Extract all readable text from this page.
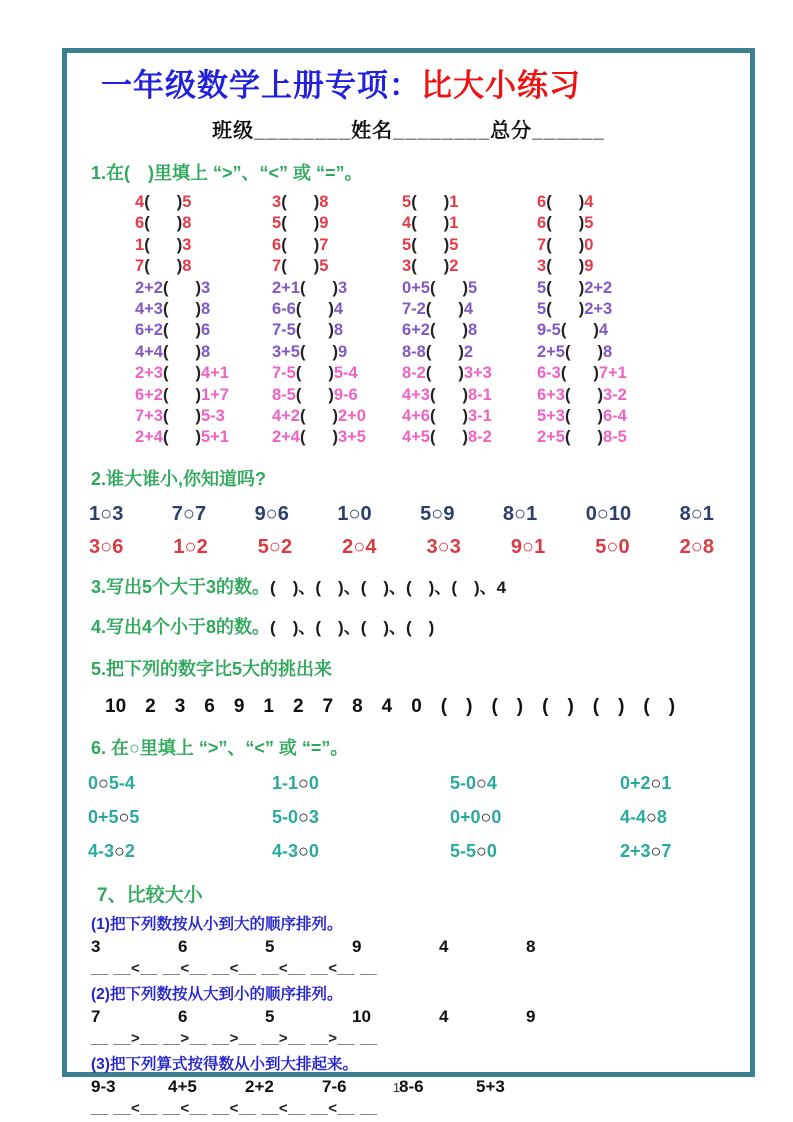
一年级数学上册专项：比大小练习
班级________姓名________总分______
1.在(　)里填上 “>”、“<” 或 “=”。
4( )5	3( )8	5( )1	6( )4
6( )8	5( )9	4( )1	6( )5
1( )3	6( )7	5( )5	7( )0
7( )8	7( )5	3( )2	3( )9
2+2( )3	2+1( )3	0+5( )5	5( )2+2
4+3( )8	6-6( )4	7-2( )4	5( )2+3
6+2( )6	7-5( )8	6+2( )8	9-5( )4
4+4( )8	3+5( )9	8-8( )2	2+5( )8
2+3( )4+1	7-5( )5-4	8-2( )3+3	6-3( )7+1
6+2( )1+7	8-5( )9-6	4+3( )8-1	6+3( )3-2
7+3( )5-3	4+2( )2+0	4+6( )3-1	5+3( )6-4
2+4( )5+1	2+4( )3+5	4+5( )8-2	2+5( )8-5
2.谁大谁小,你知道吗?
1○3 7○7 9○6 1○0 5○9 8○1 0○10 8○1
3○6	1○2	5○2	2○4	3○3	9○1	5○0	2○8
3.写出5个大于3的数。(　)、(　)、(　)、(　)、(　)、4
4.写出4个小于8的数。(　)、(　)、(　)、(　)
5.把下列的数字比5大的挑出来
10　2　3　6　9　1　2　7　8　4　0　(　)　(　)　(　)　(　)　(　)
6. 在○里填上 “>”、“<” 或 “=”。
0○5-4	1-1○0	5-0○4	0+2○1
0+5○5	5-0○3	0+0○0	4-4○8
4-3○2	4-3○0	5-5○0	2+3○7
7、比较大小
(1)把下列数按从小到大的顺序排列。
3	6	5	9	4	8
__ __<__ __<__ __<__ __<__ __<__ __
(2)把下列数按从大到小的顺序排列。
7	6	5	10	4	9
__ __>__ __>__ __>__ __>__ __>__ __
(3)把下列算式按得数从小到大排起来。
9-3	4+5	2+2	7-6	8-6	5+3
__ __<__ __<__ __<__ __<__ __<__ __
1
